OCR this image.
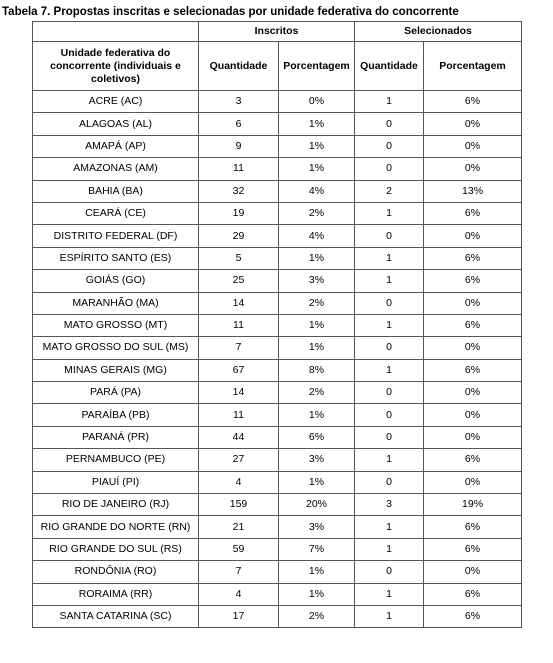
Tabela 7. Propostas inscritas e selecionadas por unidade federativa do concorrente
	Inscritos		Selecionados	
Unidade federativa do concorrente (individuais e coletivos)	Quantidade	Porcentagem	Quantidade	Porcentagem
ACRE (AC)	3	0%	1	6%
ALAGOAS (AL)	6	1%	0	0%
AMAPÁ (AP)	9	1%	0	0%
AMAZONAS (AM)	11	1%	0	0%
BAHIA (BA)	32	4%	2	13%
CEARÁ (CE)	19	2%	1	6%
DISTRITO FEDERAL (DF)	29	4%	0	0%
ESPÍRITO SANTO (ES)	5	1%	1	6%
GOIÁS (GO)	25	3%	1	6%
MARANHÃO (MA)	14	2%	0	0%
MATO GROSSO (MT)	11	1%	1	6%
MATO GROSSO DO SUL (MS)	7	1%	0	0%
MINAS GERAIS (MG)	67	8%	1	6%
PARÁ (PA)	14	2%	0	0%
PARAÍBA (PB)	11	1%	0	0%
PARANÁ (PR)	44	6%	0	0%
PERNAMBUCO (PE)	27	3%	1	6%
PIAUÍ (PI)	4	1%	0	0%
RIO DE JANEIRO (RJ)	159	20%	3	19%
RIO GRANDE DO NORTE (RN)	21	3%	1	6%
RIO GRANDE DO SUL (RS)	59	7%	1	6%
RONDÔNIA (RO)	7	1%	0	0%
RORAIMA (RR)	4	1%	1	6%
SANTA CATARINA (SC)	17	2%	1	6%
